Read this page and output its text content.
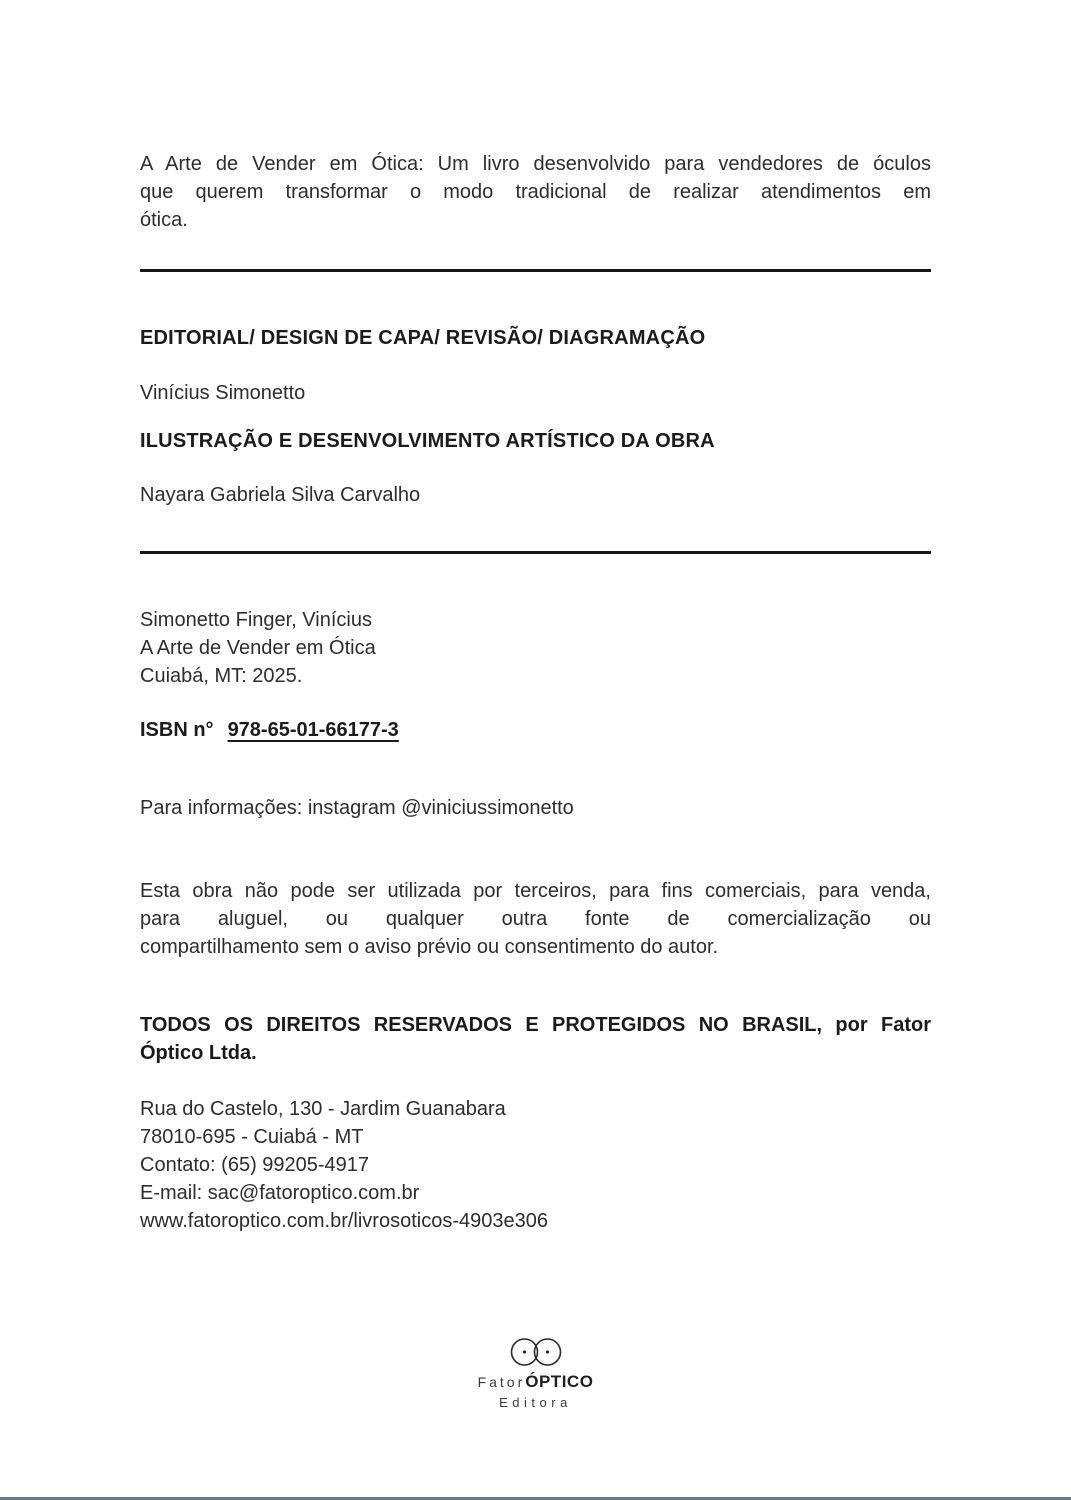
A Arte de Vender em Ótica: Um livro desenvolvido para vendedores de óculos
que querem transformar o modo tradicional de realizar atendimentos em
ótica.

EDITORIAL/ DESIGN DE CAPA/ REVISÃO/ DIAGRAMAÇÃO

Vinícius Simonetto

ILUSTRAÇÃO E DESENVOLVIMENTO ARTÍSTICO DA OBRA

Nayara Gabriela Silva Carvalho

Simonetto Finger, Vinícius

A Arte de Vender em Ótica

Cuiabá, MT: 2025.

ISBN n° 978-65-01-66177-3

Para informações: instagram @viniciussimonetto

Esta obra não pode ser utilizada por terceiros, para fins comerciais, para venda,
para aluguel, ou qualquer outra fonte de comercialização ou
compartilhamento sem o aviso prévio ou consentimento do autor.

TODOS OS DIREITOS RESERVADOS E PROTEGIDOS NO BRASIL, por Fator
Óptico Ltda.

Rua do Castelo, 130 - Jardim Guanabara

78010-695 - Cuiabá - MT

Contato: (65) 99205-4917

E-mail: sac@fatoroptico.com.br

www.fatoroptico.com.br/livrosoticos-4903e306

FatorÓPTICO
Editora
